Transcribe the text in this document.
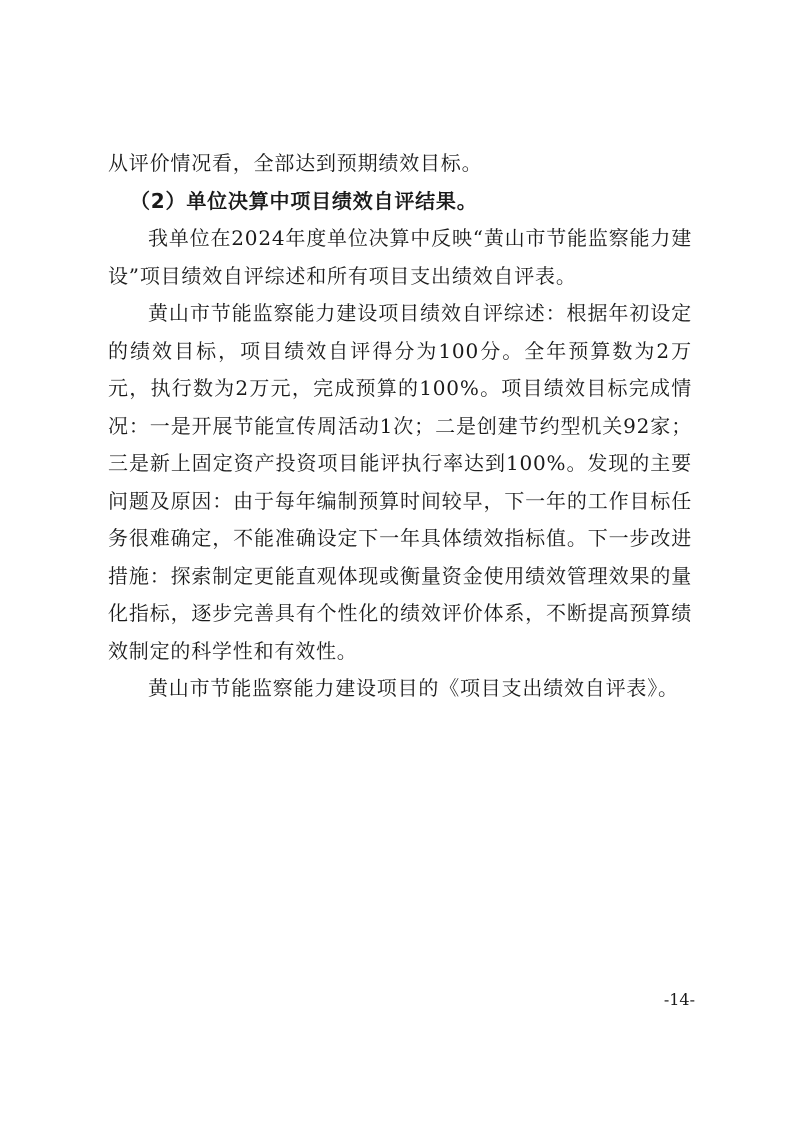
从评价情况看，全部达到预期绩效目标。

（2）单位决算中项目绩效自评结果。

我单位在2024年度单位决算中反映“黄山市节能监察能力建设”项目绩效自评综述和所有项目支出绩效自评表。

黄山市节能监察能力建设项目绩效自评综述：根据年初设定的绩效目标，项目绩效自评得分为100分。全年预算数为2万元，执行数为2万元，完成预算的100%。项目绩效目标完成情况：一是开展节能宣传周活动1次；二是创建节约型机关92家；三是新上固定资产投资项目能评执行率达到100%。发现的主要问题及原因：由于每年编制预算时间较早，下一年的工作目标任务很难确定，不能准确设定下一年具体绩效指标值。下一步改进措施：探索制定更能直观体现或衡量资金使用绩效管理效果的量化指标，逐步完善具有个性化的绩效评价体系，不断提高预算绩效制定的科学性和有效性。

黄山市节能监察能力建设项目的《项目支出绩效自评表》。

-14-
